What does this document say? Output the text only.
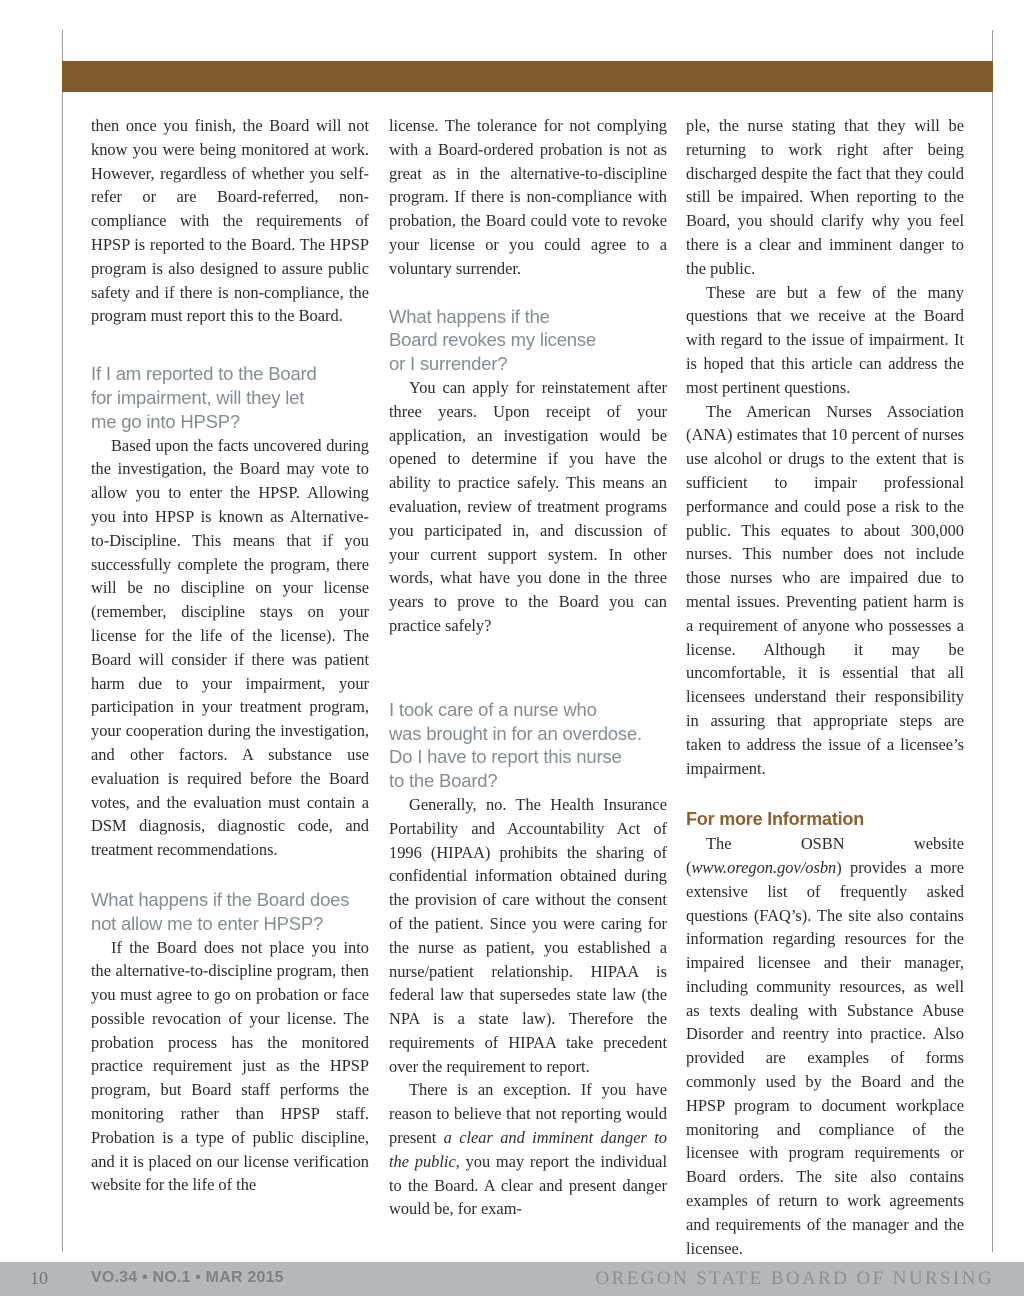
then once you finish, the Board will not know you were being monitored at work. However, regardless of whether you self-refer or are Board-referred, non-compliance with the requirements of HPSP is reported to the Board. The HPSP program is also designed to assure public safety and if there is non-compliance, the program must report this to the Board.

If I am reported to the Board
for impairment, will they let
me go into HPSP?

Based upon the facts uncovered during the investigation, the Board may vote to allow you to enter the HPSP. Allowing you into HPSP is known as Alternative-to-Discipline. This means that if you successfully complete the program, there will be no discipline on your license (remember, discipline stays on your license for the life of the license). The Board will consider if there was patient harm due to your impairment, your participation in your treatment program, your cooperation during the investigation, and other factors. A substance use evaluation is required before the Board votes, and the evaluation must contain a DSM diagnosis, diagnostic code, and treatment recommendations.

What happens if the Board does
not allow me to enter HPSP?

If the Board does not place you into the alternative-to-discipline program, then you must agree to go on probation or face possible revocation of your license. The probation process has the monitored practice requirement just as the HPSP program, but Board staff performs the monitoring rather than HPSP staff. Probation is a type of public discipline, and it is placed on our license verification website for the life of the

license. The tolerance for not complying with a Board-ordered probation is not as great as in the alternative-to-discipline program. If there is non-compliance with probation, the Board could vote to revoke your license or you could agree to a voluntary surrender.

What happens if the
Board revokes my license
or I surrender?

You can apply for reinstatement after three years. Upon receipt of your application, an investigation would be opened to determine if you have the ability to practice safely. This means an evaluation, review of treatment programs you participated in, and discussion of your current support system. In other words, what have you done in the three years to prove to the Board you can practice safely?

I took care of a nurse who
was brought in for an overdose.
Do I have to report this nurse
to the Board?

Generally, no. The Health Insurance Portability and Accountability Act of 1996 (HIPAA) prohibits the sharing of confidential information obtained during the provision of care without the consent of the patient. Since you were caring for the nurse as patient, you established a nurse/patient relationship. HIPAA is federal law that supersedes state law (the NPA is a state law). Therefore the requirements of HIPAA take precedent over the requirement to report.

There is an exception. If you have reason to believe that not reporting would present a clear and imminent danger to the public, you may report the individual to the Board. A clear and present danger would be, for exam-

ple, the nurse stating that they will be returning to work right after being discharged despite the fact that they could still be impaired. When reporting to the Board, you should clarify why you feel there is a clear and imminent danger to the public.

These are but a few of the many questions that we receive at the Board with regard to the issue of impairment. It is hoped that this article can address the most pertinent questions.

The American Nurses Association (ANA) estimates that 10 percent of nurses use alcohol or drugs to the extent that is sufficient to impair professional performance and could pose a risk to the public. This equates to about 300,000 nurses. This number does not include those nurses who are impaired due to mental issues. Preventing patient harm is a requirement of anyone who possesses a license. Although it may be uncomfortable, it is essential that all licensees understand their responsibility in assuring that appropriate steps are taken to address the issue of a licensee’s impairment.

For more Information

The OSBN website (www.oregon.gov/osbn) provides a more extensive list of frequently asked questions (FAQ’s). The site also contains information regarding resources for the impaired licensee and their manager, including community resources, as well as texts dealing with Substance Abuse Disorder and reentry into practice. Also provided are examples of forms commonly used by the Board and the HPSP program to document workplace monitoring and compliance of the licensee with program requirements or Board orders. The site also contains examples of return to work agreements and requirements of the manager and the licensee.

10	VO.34 • NO.1 • MAR 2015	OREGON STATE BOARD OF NURSING
